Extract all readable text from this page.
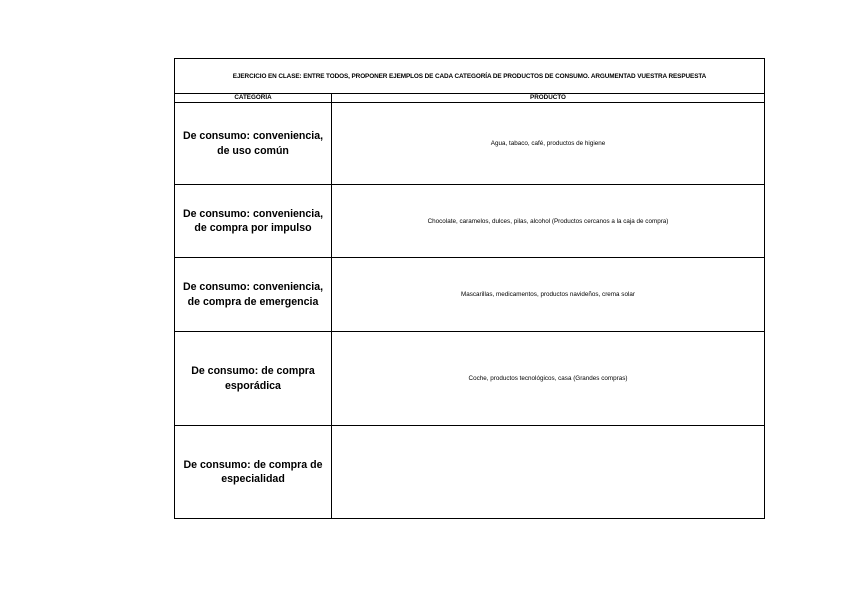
EJERCICIO EN CLASE: ENTRE TODOS, PROPONER EJEMPLOS DE CADA CATEGORÍA DE PRODUCTOS DE CONSUMO. ARGUMENTAD VUESTRA RESPUESTA
CATEGORÍA	PRODUCTO
De consumo: conveniencia, de uso común
Agua, tabaco, café, productos de higiene
De consumo: conveniencia, de compra por impulso
Chocolate, caramelos, dulces, pilas, alcohol (Productos cercanos a la caja de compra)
De consumo: conveniencia, de compra de emergencia
Mascarillas, medicamentos, productos navideños, crema solar
De consumo: de compra esporádica
Coche, productos tecnológicos, casa (Grandes compras)
De consumo: de compra de especialidad
